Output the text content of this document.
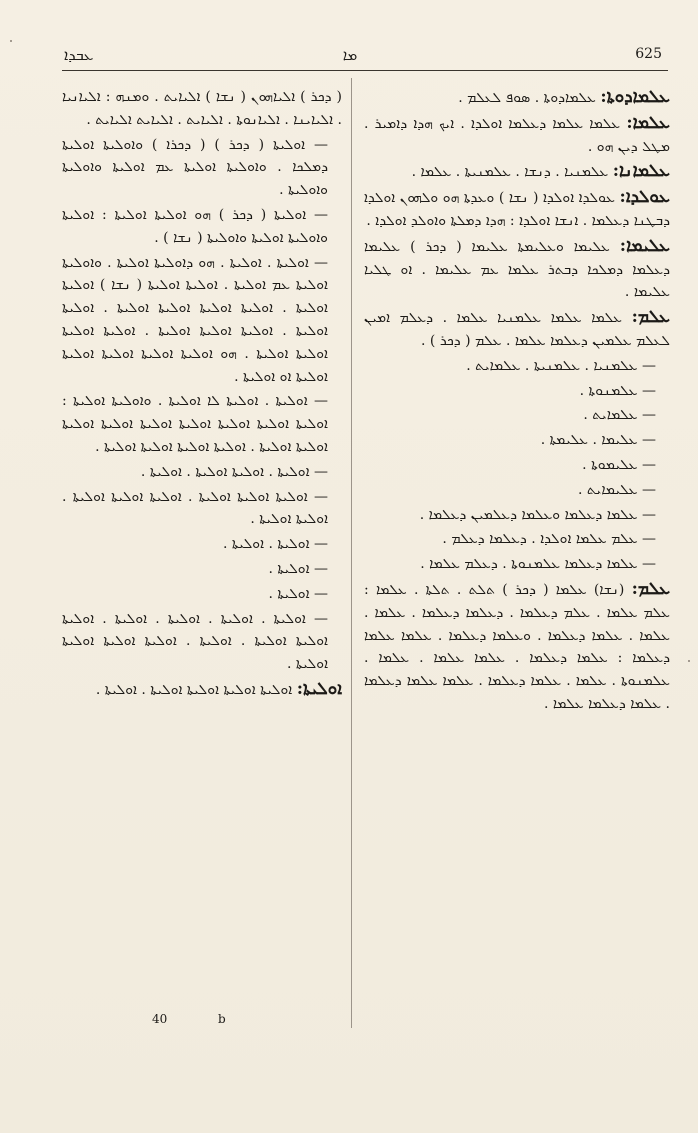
ܥܒܕܐ	ܡܐ	625
ܥܠܡܐܕܘܬܐ: ܥܠܡܐܕܘܬܐ . ܣܘܦ ܠܥܠܡ .
ܥܠܡܐ: ܥܠܡܐ ܥܠܡܐ ܕܥܠܡܐ ܐܘܠܕܐ . ܐܝܟ ܗܕܐ ܕܐܡܝܪ . ܡܛܠ ܕܝܢ ܗܘ .
ܥܠܡܐܢܐ: ܥܠܡܢܝܐ . ܕܢܫܐ . ܥܠܡܢܝܬܐ . ܥܠܡܐ .
ܥܘܠܕܐ: ܥܘܠܕܐ ܐܘܠܕܐ ( ܢܫܐ ) ܘܥܕܬܐ ܗܘ ܘܠܗܘܢ ܐܘܠܕܐ ܕܒܛܢܐ ܕܥܠܡܐ . ܐܢܫܐ ܐܘܠܕܐ : ܗܕܐ ܕܡܠܬܐ ܘܐܘܠܕ ܐܘܠܕܐ .
ܥܠܝܡܐ: ܥܠܝܡܐ ܘܥܠܝܡܬܐ ܥܠܝܡܐ ( ܕܟܪ ) ܥܠܝܡܐ ܕܥܠܡܐ ܕܡܠܟܐ ܕܒܬܪ ܥܠܡܐ ܥܡ ܥܠܝܡܐ . ܐܘ ܛܠܝܐ ܥܠܝܡܐ .
ܥܠܡ: ܥܠܡܐ ܥܠܡܐ ܥܠܡܢܝܐ ܥܠܡܐ . ܕܥܠܡ ܐܡܝܢ ܠܥܠܡ ܥܠܡܝܢ ܕܥܠܡܐ ܥܠܡܐ . ܥܠܡ ( ܕܟܪ ) .
— ܥܠܡܢܝܐ . ܥܠܡܢܝܬܐ . ܥܠܡܐܝܬ .
— ܥܠܡܢܘܬܐ .
— ܥܠܡܐܝܬ .
— ܥܠܝܡܐ . ܥܠܝܡܬܐ .
— ܥܠܝܡܘܬܐ .
— ܥܠܝܡܐܝܬ .
— ܥܠܡܐ ܕܥܠܡܐ ܘܥܠܡܐ ܕܥܠܡܝܢ ܕܥܠܡܐ .
— ܥܠܡ ܥܠܡܐ ܐܘܠܕܐ . ܕܥܠܡܐ ܕܥܠܡ .
— ܥܠܡܐ ܕܥܠܡܐ ܥܠܡܢܘܬܐ . ܕܥܠܡ ܥܠܡܐ .
ܥܠܡ: (ܢܫܐ) ܥܠܡܐ ( ܕܟܪ ) ܬܠܬ . ܬܠܬܐ . ܥܠܡܐ : ܥܠܡ ܥܠܡܐ . ܥܠܡ ܕܥܠܡܐ . ܕܥܠܡܐ ܕܥܠܡܐ . ܥܠܡܐ . ܥܠܡܐ . ܥܠܡܐ ܕܥܠܡܐ . ܘܥܠܡܐ ܕܥܠܡܐ . ܥܠܡܐ ܥܠܡܐ ܕܥܠܡܐ : ܥܠܡܐ ܕܥܠܡܐ . ܥܠܡܐ ܥܠܡܐ . ܥܠܡܐ . ܥܠܡܢܘܬܐ . ܥܠܡܐ . ܥܠܡܐ ܕܥܠܡܐ . ܥܠܡܐ ܥܠܡܐ ܕܥܠܡܐ . ܥܠܡܐ ܕܥܠܡܐ ܥܠܡܐ .
( ܕܟܪ ) ܐܠܝܐܗܘܢ ( ܢܫܐ ) ܐܠܝܐܝܬ . ܘܡܢܗ : ܐܠܝܐܢܝܐ . ܐܠܝܐܝܢܐ . ܐܠܝܐܢܘܬܐ . ܐܠܝܐܝܬ . ܐܠܝܐܝܬ ܐܠܝܐܝܬ .
— ܐܘܠܝܬܐ ( ܕܟܪ ) ( ܕܟܪܐ ) ܘܐܘܠܝܬܐ ܐܘܠܝܬܐ ܕܡܠܟܐ . ܘܐܘܠܝܬܐ ܐܘܠܝܬܐ ܥܡ ܐܘܠܝܬܐ ܘܐܘܠܝܬܐ ܘܐܘܠܝܬܐ .
— ܐܘܠܝܬܐ ( ܕܟܪ ) ܗܘ ܐܘܠܝܬܐ ܐܘܠܝܬܐ : ܐܘܠܝܬܐ ܘܐܘܠܝܬܐ ܐܘܠܝܬܐ ܘܐܘܠܝܬܐ ( ܢܫܐ ) .
— ܐܘܠܝܬܐ . ܐܘܠܝܬܐ . ܗܘ ܕܐܘܠܝܬܐ ܐܘܠܝܬܐ . ܘܐܘܠܝܬܐ ܐܘܠܝܬܐ ܥܡ ܐܘܠܝܬܐ . ܐܘܠܝܬܐ ܐܘܠܝܬܐ ( ܢܫܐ ) ܐܘܠܝܬܐ ܐܘܠܝܬܐ . ܐܘܠܝܬܐ ܐܘܠܝܬܐ ܐܘܠܝܬܐ ܐܘܠܝܬܐ . ܐܘܠܝܬܐ ܐܘܠܝܬܐ . ܐܘܠܝܬܐ ܐܘܠܝܬܐ ܐܘܠܝܬܐ . ܐܘܠܝܬܐ ܐܘܠܝܬܐ ܐܘܠܝܬܐ ܐܘܠܝܬܐ . ܗܘ ܐܘܠܝܬܐ ܐܘܠܝܬܐ ܐܘܠܝܬܐ ܐܘܠܝܬܐ ܐܘܠܝܬܐ ܐܘ ܐܘܠܝܬܐ .
— ܐܘܠܝܬܐ . ܐܘܠܝܬܐ ܠܐ ܐܘܠܝܬܐ . ܘܐܘܠܝܬܐ ܐܘܠܝܬܐ : ܐܘܠܝܬܐ ܐܘܠܝܬܐ ܐܘܠܝܬܐ ܐܘܠܝܬܐ ܐܘܠܝܬܐ ܐܘܠܝܬܐ ܐܘܠܝܬܐ ܐܘܠܝܬܐ ܐܘܠܝܬܐ . ܐܘܠܝܬܐ ܐܘܠܝܬܐ ܐܘܠܝܬܐ ܐܘܠܝܬܐ .
— ܐܘܠܝܬܐ . ܐܘܠܝܬܐ ܐܘܠܝܬܐ . ܐܘܠܝܬܐ .
— ܐܘܠܝܬܐ ܐܘܠܝܬܐ ܐܘܠܝܬܐ . ܐܘܠܝܬܐ ܐܘܠܝܬܐ ܐܘܠܝܬܐ . ܐܘܠܝܬܐ ܐܘܠܝܬܐ .
— ܐܘܠܝܬܐ . ܐܘܠܝܬܐ .
— ܐܘܠܝܬܐ .
— ܐܘܠܝܬܐ .
— ܐܘܠܝܬܐ . ܐܘܠܝܬܐ . ܐܘܠܝܬܐ . ܐܘܠܝܬܐ . ܐܘܠܝܬܐ ܐܘܠܝܬܐ ܐܘܠܝܬܐ . ܐܘܠܝܬܐ . ܐܘܠܝܬܐ ܐܘܠܝܬܐ ܐܘܠܝܬܐ ܐܘܠܝܬܐ .
ܐܘܠܝܬܐ: ܐܘܠܝܬܐ ܐܘܠܝܬܐ ܐܘܠܝܬܐ ܐܘܠܝܬܐ . ܐܘܠܝܬܐ .
40	b
